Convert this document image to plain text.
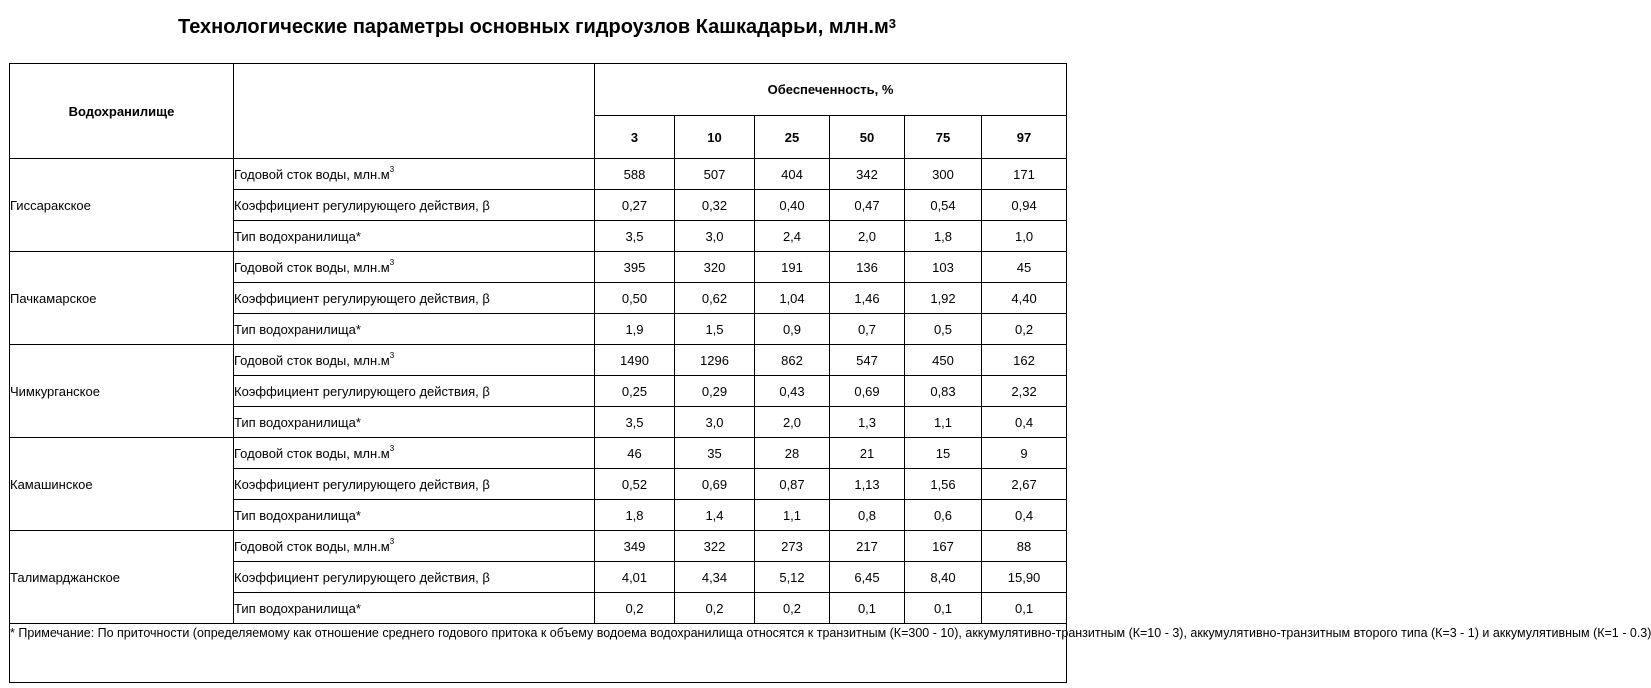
Технологические параметры основных гидроузлов Кашкадарьи, $млн.м^3$
Водохранилище		Обеспеченность, %					
		3	10	25	50	75	97
Гиссаракское	Годовой сток воды, $млн.м^3$	588	507	404	342	300	171
	Коэффициент регулирующего действия, β	0,27	0,32	0,40	0,47	0,54	0,94
	Тип водохранилища*	3,5	3,0	2,4	2,0	1,8	1,0
Пачкамарское	Годовой сток воды, $млн.м^3$	395	320	191	136	103	45
	Коэффициент регулирующего действия, β	0,50	0,62	1,04	1,46	1,92	4,40
	Тип водохранилища*	1,9	1,5	0,9	0,7	0,5	0,2
Чимкурганское	Годовой сток воды, $млн.м^3$	1490	1296	862	547	450	162
	Коэффициент регулирующего действия, β	0,25	0,29	0,43	0,69	0,83	2,32
	Тип водохранилища*	3,5	3,0	2,0	1,3	1,1	0,4
Камашинское	Годовой сток воды, $млн.м^3$	46	35	28	21	15	9
	Коэффициент регулирующего действия, β	0,52	0,69	0,87	1,13	1,56	2,67
	Тип водохранилища*	1,8	1,4	1,1	0,8	0,6	0,4
Талимарджанское	Годовой сток воды, $млн.м^3$	349	322	273	217	167	88
	Коэффициент регулирующего действия, β	4,01	4,34	5,12	6,45	8,40	15,90
	Тип водохранилища*	0,2	0,2	0,2	0,1	0,1	0,1
* Примечание: По приточности (определяемому как отношение среднего годового притока к объему водоема водохранилища относятся к транзитным (К=300 - 10), аккумулятивно-транзитным (К=10 - 3), аккумулятивно-транзитным второго типа (К=3 - 1) и аккумулятивным (К=1 - 0.3)							
